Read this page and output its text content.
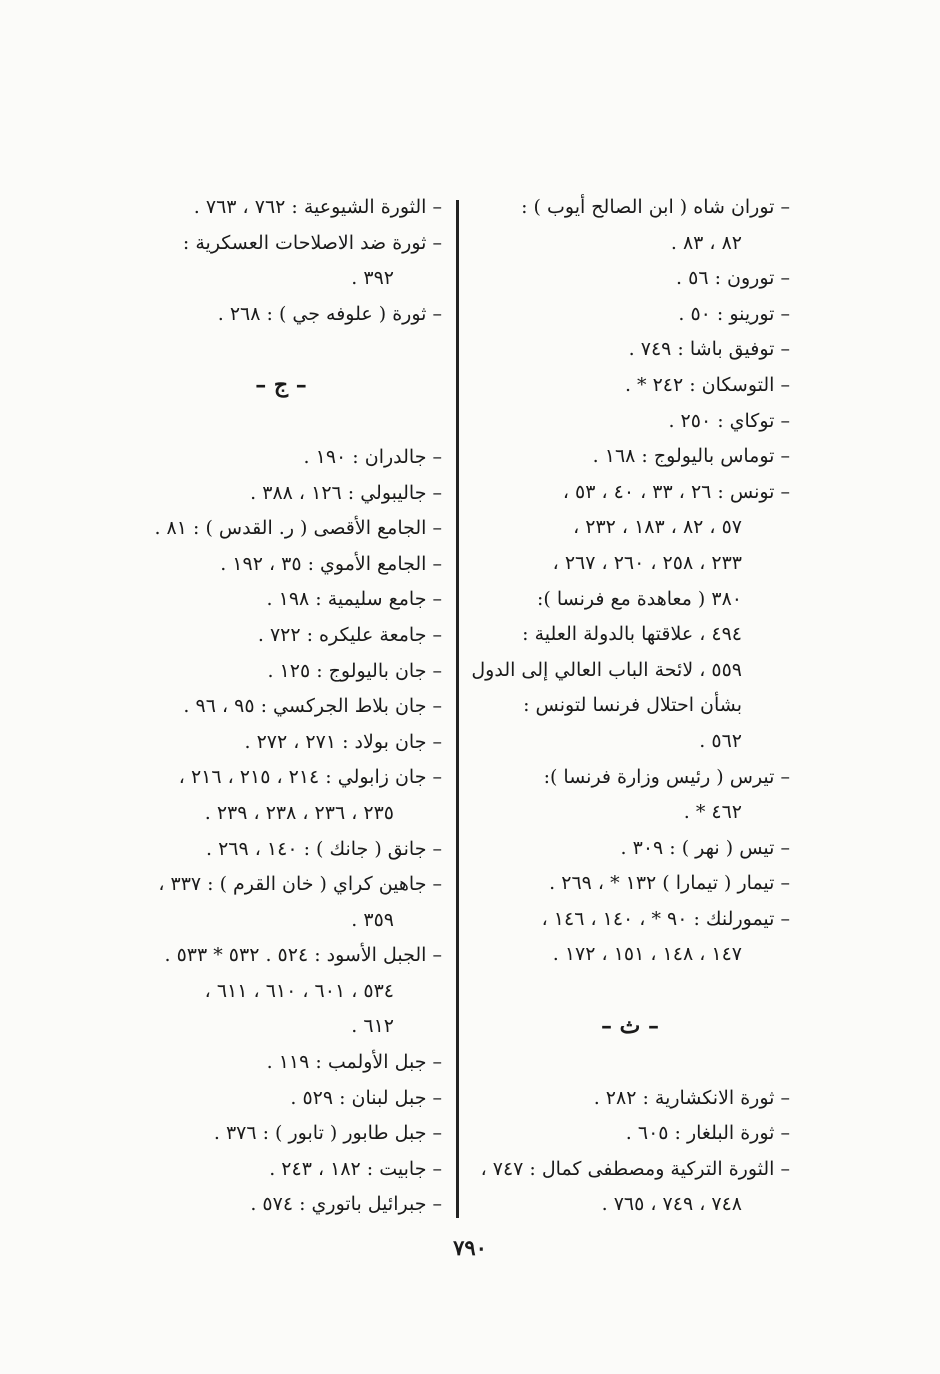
– توران شاه ( ابن الصالح أيوب ) :
٨٢ ، ٨٣ .
– تورون : ٥٦ .
– تورينو : ٥٠ .
– توفيق باشا : ٧٤٩ .
– التوسكان : ٢٤٢ * .
– توكاي : ٢٥٠ .
– توماس باليولوج : ١٦٨ .
– تونس : ٢٦ ، ٣٣ ، ٤٠ ، ٥٣ ،
٥٧ ، ٨٢ ، ١٨٣ ، ٢٣٢ ،
٢٣٣ ، ٢٥٨ ، ٢٦٠ ، ٢٦٧ ،
٣٨٠ ( معاهدة مع فرنسا ):
٤٩٤ ، علاقتها بالدولة العلية :
٥٥٩ ، لائحة الباب العالي إلى الدول
بشأن احتلال فرنسا لتونس :
٥٦٢ .
– تيرس ( رئيس وزارة فرنسا ):
٤٦٢ * .
– تيس ( نهر ) : ٣٠٩ .
– تيمار ( تيمارا ) ١٣٢ * ، ٢٦٩ .
– تيمورلنك : ٩٠ * ، ١٤٠ ، ١٤٦ ،
١٤٧ ، ١٤٨ ، ١٥١ ، ١٧٢ .
– ث –
– ثورة الانكشارية : ٢٨٢ .
– ثورة البلغار : ٦٠٥ .
– الثورة التركية ومصطفى كمال : ٧٤٧ ،
٧٤٨ ، ٧٤٩ ، ٧٦٥ .
– الثورة الشيوعية : ٧٦٢ ، ٧٦٣ .
– ثورة ضد الاصلاحات العسكرية :
٣٩٢ .
– ثورة ( علوفه جي ) : ٢٦٨ .
– ج –
– جالدران : ١٩٠ .
– جاليبولي : ١٢٦ ، ٣٨٨ .
– الجامع الأقصى ( ر. القدس ) : ٨١ .
– الجامع الأموي : ٣٥ ، ١٩٢ .
– جامع سليمية : ١٩٨ .
– جامعة عليكره : ٧٢٢ .
– جان باليولوج : ١٢٥ .
– جان بلاط الجركسي : ٩٥ ، ٩٦ .
– جان بولاد : ٢٧١ ، ٢٧٢ .
– جان زابولي : ٢١٤ ، ٢١٥ ، ٢١٦ ،
٢٣٥ ، ٢٣٦ ، ٢٣٨ ، ٢٣٩ .
– جانق ( جانك ) : ١٤٠ ، ٢٦٩ .
– جاهين كراي ( خان القرم ) : ٣٣٧ ،
٣٥٩ .
– الجبل الأسود : ٥٢٤ . ٥٣٢ * ٥٣٣ .
٥٣٤ ، ٦٠١ ، ٦١٠ ، ٦١١ ،
٦١٢ .
– جبل الأولمب : ١١٩ .
– جبل لبنان : ٥٢٩ .
– جبل طابور ( تابور ) : ٣٧٦ .
– جابيت : ١٨٢ ، ٢٤٣ .
– جبرائيل باتوري : ٥٧٤ .
٧٩٠
